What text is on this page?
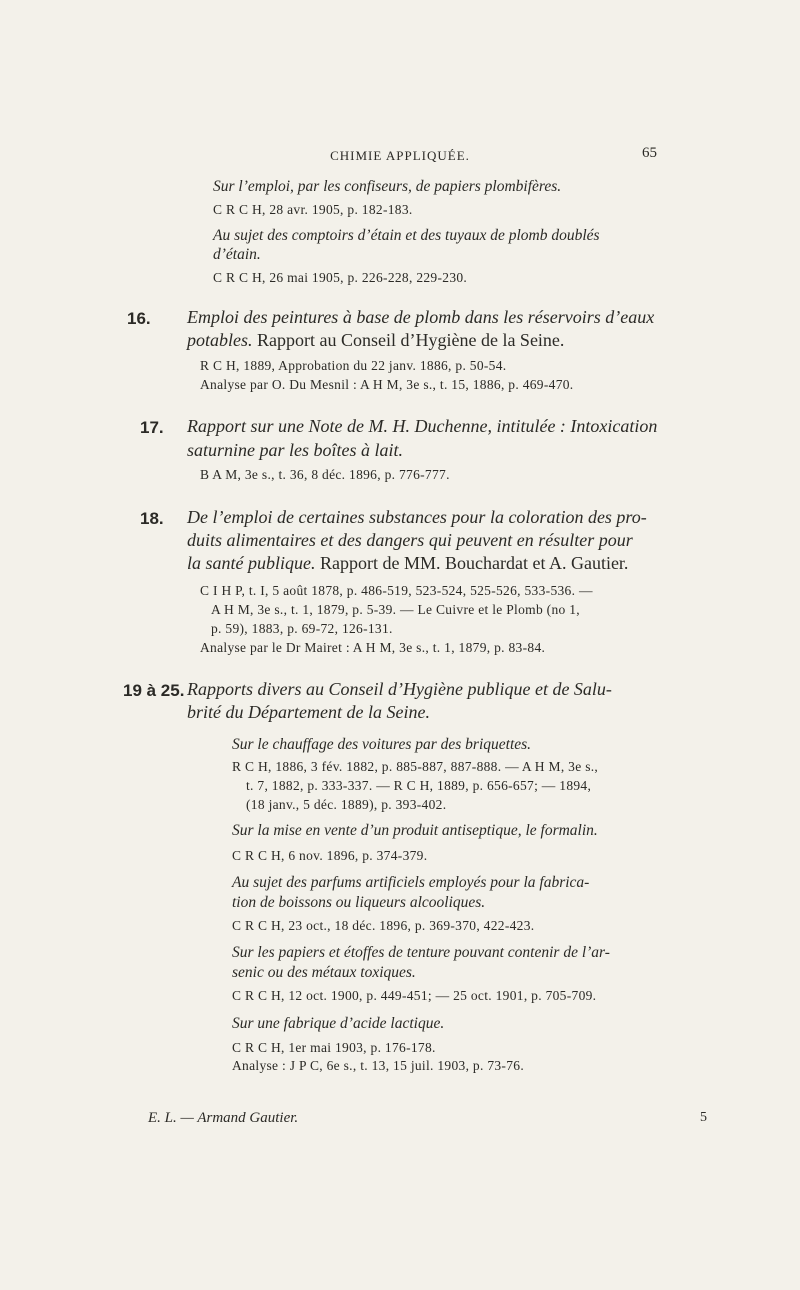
CHIMIE APPLIQUÉE.	65
Sur l’emploi, par les confiseurs, de papiers plombifères.
C R C H, 28 avr. 1905, p. 182-183.
Au sujet des comptoirs d’étain et des tuyaux de plomb doublés
d’étain.
C R C H, 26 mai 1905, p. 226-228, 229-230.
16. Emploi des peintures à base de plomb dans les réservoirs d’eaux
potables. Rapport au Conseil d’Hygiène de la Seine.
R C H, 1889, Approbation du 22 janv. 1886, p. 50-54.
Analyse par O. Du Mesnil : A H M, 3e s., t. 15, 1886, p. 469-470.
17. Rapport sur une Note de M. H. Duchenne, intitulée : Intoxication
saturnine par les boîtes à lait.
B A M, 3e s., t. 36, 8 déc. 1896, p. 776-777.
18. De l’emploi de certaines substances pour la coloration des pro-
duits alimentaires et des dangers qui peuvent en résulter pour
la santé publique. Rapport de MM. Bouchardat et A. Gautier.
C I H P, t. I, 5 août 1878, p. 486-519, 523-524, 525-526, 533-536. —
A H M, 3e s., t. 1, 1879, p. 5-39. — Le Cuivre et le Plomb (no 1,
p. 59), 1883, p. 69-72, 126-131.
Analyse par le Dr Mairet : A H M, 3e s., t. 1, 1879, p. 83-84.
19 à 25. Rapports divers au Conseil d’Hygiène publique et de Salu-
brité du Département de la Seine.
Sur le chauffage des voitures par des briquettes.
R C H, 1886, 3 fév. 1882, p. 885-887, 887-888. — A H M, 3e s.,
t. 7, 1882, p. 333-337. — R C H, 1889, p. 656-657; — 1894,
(18 janv., 5 déc. 1889), p. 393-402.
Sur la mise en vente d’un produit antiseptique, le formalin.
C R C H, 6 nov. 1896, p. 374-379.
Au sujet des parfums artificiels employés pour la fabrica-
tion de boissons ou liqueurs alcooliques.
C R C H, 23 oct., 18 déc. 1896, p. 369-370, 422-423.
Sur les papiers et étoffes de tenture pouvant contenir de l’ar-
senic ou des métaux toxiques.
C R C H, 12 oct. 1900, p. 449-451; — 25 oct. 1901, p. 705-709.
Sur une fabrique d’acide lactique.
C R C H, 1er mai 1903, p. 176-178.
Analyse : J P C, 6e s., t. 13, 15 juil. 1903, p. 73-76.
E. L. — Armand Gautier.	5
